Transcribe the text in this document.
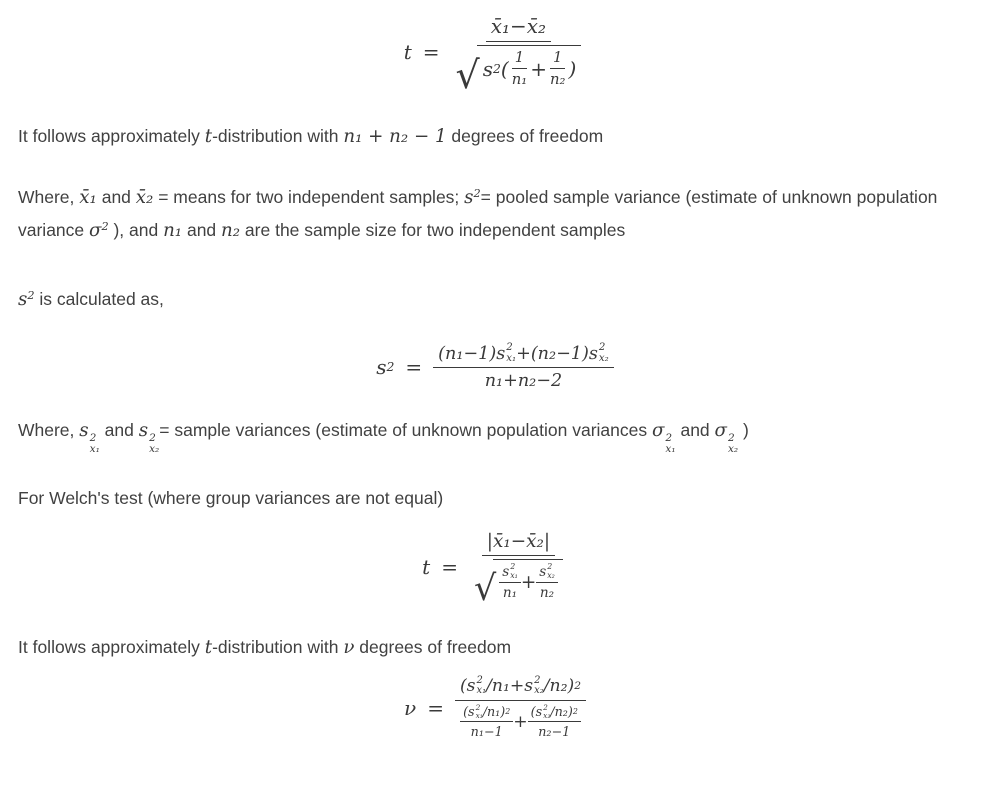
$t = \frac{\text{x̄₁−x̄₂}}{√ s 2 ( \frac{1}{\text{n₁}} + \frac{1}{\text{n₂}} )}$

It follows approximately t-distribution with n₁ + n₂ − 1 degrees of freedom

Where, x̄₁ and x̄₂ = means for two independent samples; $s^2=$ pooled sample variance (estimate of unknown population variance $\sigma^2$ ), and n₁ and n₂ are the sample size for two independent samples

$s^2$ is calculated as,

s 2 = (n₁−1)s 2
x₁ +(n₂−1)s 2
x₂
n₁+n₂−2

Where, s 2
x₁
and s 2
x₂
= sample variances (estimate of unknown population variances σ 2
x₁
and σ 2
x₂
)

For Welch's test (where group variances are not equal)

t = |x̄₁−x̄₂|
√ s 2
x₁
n₁ + s 2
x₂
n₂

It follows approximately t-distribution with ν degrees of freedom

ν = ( s 2
x₁ /n₁+ s 2
x₂ /n₂) 2
( s 2
x₁ /n₁) 2
n₁−1 + ( s 2
x₂ /n₂) 2
n₂−1
